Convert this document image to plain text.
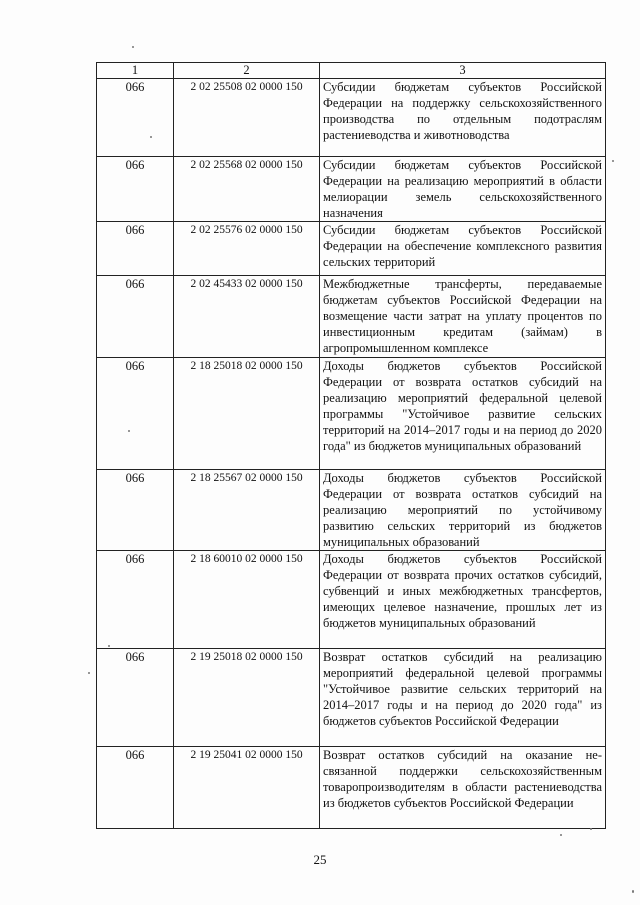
1	2	3
066	2 02 25508 02 0000 150	Субсидии бюджетам субъектов Российской Федерации на поддержку сельскохозяйственного производства по отдельным подотраслям растениеводства и животноводства
066	2 02 25568 02 0000 150	Субсидии бюджетам субъектов Российской Федерации на реализацию мероприятий в области мелиорации земель сельскохозяйственного назначения
066	2 02 25576 02 0000 150	Субсидии бюджетам субъектов Российской Федерации на обеспечение комплексного развития сельских территорий
066	2 02 45433 02 0000 150	Межбюджетные трансферты, передаваемые бюджетам субъектов Российской Федерации на возмещение части затрат на уплату процентов по инвестиционным кредитам (займам) в агропромышленном комплексе
066	2 18 25018 02 0000 150	Доходы бюджетов субъектов Российской Федерации от возврата остатков субсидий на реализацию мероприятий федеральной целевой программы "Устойчивое развитие сельских территорий на 2014–2017 годы и на период до 2020 года" из бюджетов муниципальных образований
066	2 18 25567 02 0000 150	Доходы бюджетов субъектов Российской Федерации от возврата остатков субсидий на реализацию мероприятий по устойчивому развитию сельских территорий из бюджетов муниципальных образований
066	2 18 60010 02 0000 150	Доходы бюджетов субъектов Российской Федерации от возврата прочих остатков субсидий, субвенций и иных межбюджетных трансфертов, имеющих целевое назначение, прошлых лет из бюджетов муниципальных образований
066	2 19 25018 02 0000 150	Возврат остатков субсидий на реализацию мероприятий федеральной целевой программы "Устойчивое развитие сельских территорий на 2014–2017 годы и на период до 2020 года" из бюджетов субъектов Российской Федерации
066	2 19 25041 02 0000 150	Возврат остатков субсидий на оказание несвязанной поддержки сельскохозяйственным товаропроизводителям в области растениеводства из бюджетов субъектов Российской Федерации
25
